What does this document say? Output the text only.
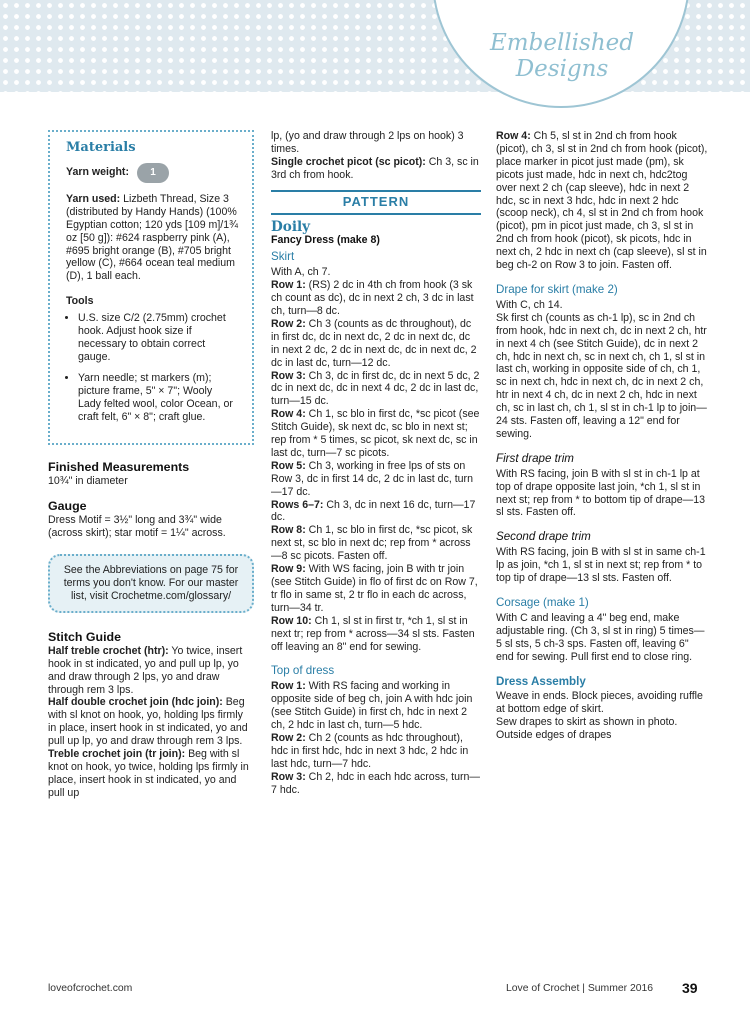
Embellished
Designs
Materials
Yarn weight:	1

Yarn used: Lizbeth Thread, Size 3 (distributed by Handy Hands) (100% Egyptian cotton; 120 yds [109 m]/1¾ oz [50 g]): #624 raspberry pink (A), #695 bright orange (B), #705 bright yellow (C), #664 ocean teal medium (D), 1 ball each.

Tools
• U.S. size C/2 (2.75mm) crochet hook. Adjust hook size if necessary to obtain correct gauge.
• Yarn needle; st markers (m); picture frame, 5" × 7"; Wooly Lady felted wool, color Ocean, or craft felt, 6" × 8"; craft glue.
Finished Measurements

10¾" in diameter

Gauge

Dress Motif = 3½" long and 3¾" wide (across skirt); star motif = 1¼" across.

See the Abbreviations on page 75 for terms you don't know. For our master list, visit Crochetme.com/glossary/
Stitch Guide

Half treble crochet (htr): Yo twice, insert hook in st indicated, yo and pull up lp, yo and draw through 2 lps, yo and draw through rem 3 lps.

Half double crochet join (hdc join): Beg with sl knot on hook, yo, holding lps firmly in place, insert hook in st indicated, yo and pull up lp, yo and draw through rem 3 lps.

Treble crochet join (tr join): Beg with sl knot on hook, yo twice, holding lps firmly in place, insert hook in st indicated, yo and pull up

lp, (yo and draw through 2 lps on hook) 3 times.

Single crochet picot (sc picot): Ch 3, sc in 3rd ch from hook.

PATTERN
Doily
Fancy Dress (make 8)
Skirt

With A, ch 7.

Row 1: (RS) 2 dc in 4th ch from hook (3 sk ch count as dc), dc in next 2 ch, 3 dc in last ch, turn—8 dc.

Row 2: Ch 3 (counts as dc throughout), dc in first dc, dc in next dc, 2 dc in next dc, dc in next 2 dc, 2 dc in next dc, dc in next dc, 2 dc in last dc, turn—12 dc.

Row 3: Ch 3, dc in first dc, dc in next 5 dc, 2 dc in next dc, dc in next 4 dc, 2 dc in last dc, turn—15 dc.

Row 4: Ch 1, sc blo in first dc, *sc picot (see Stitch Guide), sk next dc, sc blo in next st; rep from * 5 times, sc picot, sk next dc, sc in last dc, turn—7 sc picots.

Row 5: Ch 3, working in free lps of sts on Row 3, dc in first 14 dc, 2 dc in last dc, turn—17 dc.

Rows 6–7: Ch 3, dc in next 16 dc, turn—17 dc.

Row 8: Ch 1, sc blo in first dc, *sc picot, sk next st, sc blo in next dc; rep from * across—8 sc picots. Fasten off.

Row 9: With WS facing, join B with tr join (see Stitch Guide) in flo of first dc on Row 7, tr flo in same st, 2 tr flo in each dc across, turn—34 tr.

Row 10: Ch 1, sl st in first tr, *ch 1, sl st in next tr; rep from * across—34 sl sts. Fasten off leaving an 8" end for sewing.

Top of dress

Row 1: With RS facing and working in opposite side of beg ch, join A with hdc join (see Stitch Guide) in first ch, hdc in next 2 ch, 2 hdc in last ch, turn—5 hdc.

Row 2: Ch 2 (counts as hdc throughout), hdc in first hdc, hdc in next 3 hdc, 2 hdc in last hdc, turn—7 hdc.

Row 3: Ch 2, hdc in each hdc across, turn—7 hdc.

Row 4: Ch 5, sl st in 2nd ch from hook (picot), ch 3, sl st in 2nd ch from hook (picot), place marker in picot just made (pm), sk picots just made, hdc in next ch, hdc2tog over next 2 ch (cap sleeve), hdc in next 2 hdc, sc in next 3 hdc, hdc in next 2 hdc (scoop neck), ch 4, sl st in 2nd ch from hook (picot), pm in picot just made, ch 3, sl st in 2nd ch from hook (picot), sk picots, hdc in next ch, 2 hdc in next ch (cap sleeve), sl st in beg ch-2 on Row 3 to join. Fasten off.

Drape for skirt (make 2)

With C, ch 14.

Sk first ch (counts as ch-1 lp), sc in 2nd ch from hook, hdc in next ch, dc in next 2 ch, htr in next 4 ch (see Stitch Guide), dc in next 2 ch, hdc in next ch, sc in next ch, ch 1, sl st in last ch, working in opposite side of ch, ch 1, sc in next ch, hdc in next ch, dc in next 2 ch, htr in next 4 ch, dc in next 2 ch, hdc in next ch, sc in last ch, ch 1, sl st in ch-1 lp to join—24 sts. Fasten off, leaving a 12" end for sewing.

First drape trim

With RS facing, join B with sl st in ch-1 lp at top of drape opposite last join, *ch 1, sl st in next st; rep from * to bottom tip of drape—13 sl sts. Fasten off.

Second drape trim

With RS facing, join B with sl st in same ch-1 lp as join, *ch 1, sl st in next st; rep from * to top tip of drape—13 sl sts. Fasten off.

Corsage (make 1)

With C and leaving a 4" beg end, make adjustable ring. (Ch 3, sl st in ring) 5 times—5 sl sts, 5 ch-3 sps. Fasten off, leaving 6" end for sewing. Pull first end to close ring.

Dress Assembly

Weave in ends. Block pieces, avoiding ruffle at bottom edge of skirt.

Sew drapes to skirt as shown in photo. Outside edges of drapes

loveofcrochet.com	Love of Crochet | Summer 2016 39
